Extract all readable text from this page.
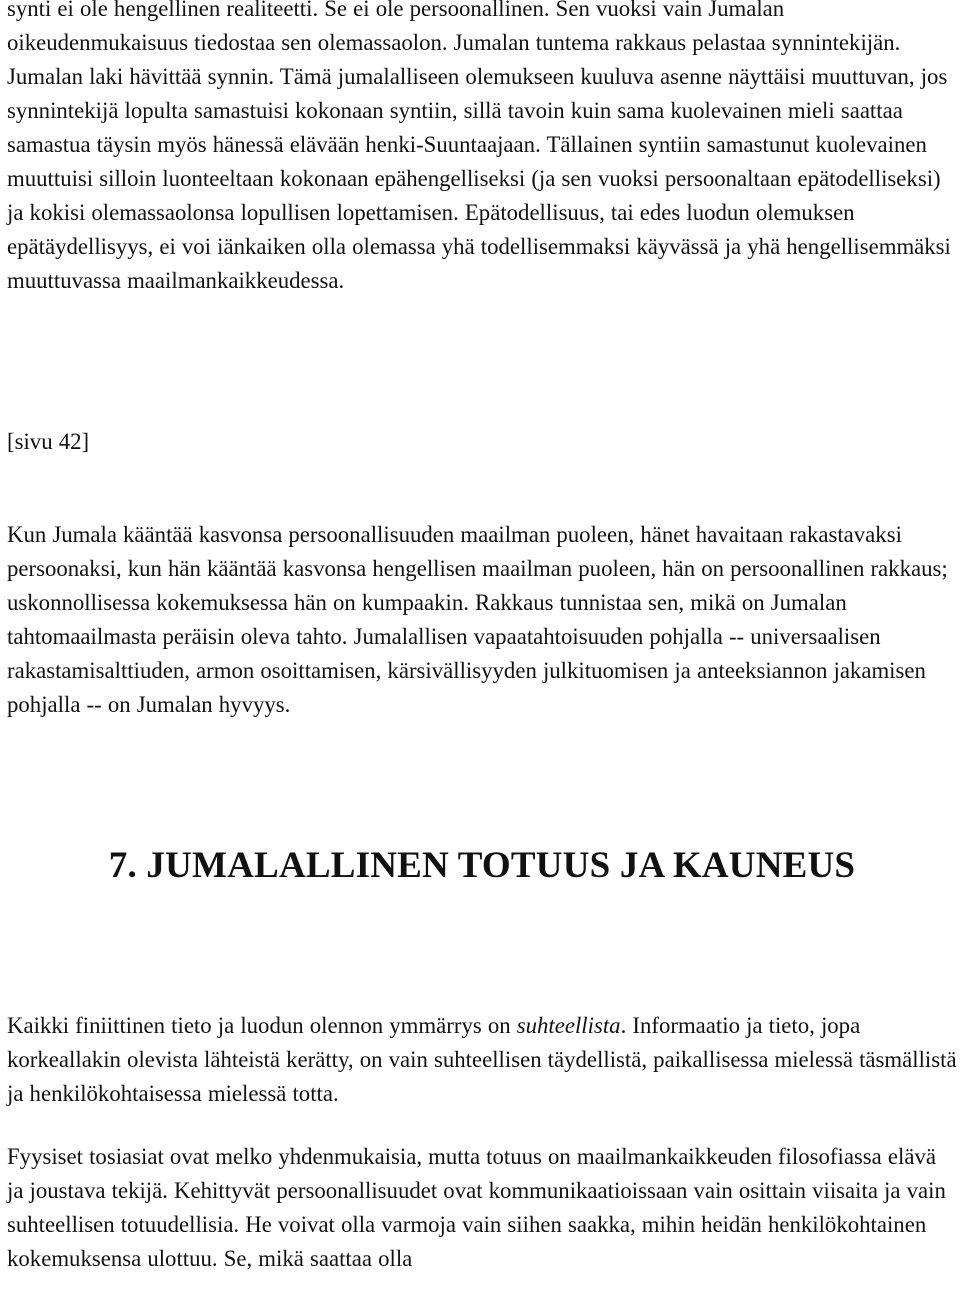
synti ei ole hengellinen realiteetti. Se ei ole persoonallinen. Sen vuoksi vain Jumalan oikeudenmukaisuus tiedostaa sen olemassaolon. Jumalan tuntema rakkaus pelastaa synnintekijän. Jumalan laki hävittää synnin. Tämä jumalalliseen olemukseen kuuluva asenne näyttäisi muuttuvan, jos synnintekijä lopulta samastuisi kokonaan syntiin, sillä tavoin kuin sama kuolevainen mieli saattaa samastua täysin myös hänessä elävään henki-Suuntaajaan. Tällainen syntiin samastunut kuolevainen muuttuisi silloin luonteeltaan kokonaan epähengelliseksi (ja sen vuoksi persoonaltaan epätodelliseksi) ja kokisi olemassaolonsa lopullisen lopettamisen. Epätodellisuus, tai edes luodun olemuksen epätäydellisyys, ei voi iänkaiken olla olemassa yhä todellisemmaksi käyvässä ja yhä hengellisemmäksi muuttuvassa maailmankaikkeudessa.

[sivu 42]

Kun Jumala kääntää kasvonsa persoonallisuuden maailman puoleen, hänet havaitaan rakastavaksi persoonaksi, kun hän kääntää kasvonsa hengellisen maailman puoleen, hän on persoonallinen rakkaus; uskonnollisessa kokemuksessa hän on kumpaakin. Rakkaus tunnistaa sen, mikä on Jumalan tahtomaailmasta peräisin oleva tahto. Jumalallisen vapaatahtoisuuden pohjalla -- universaalisen rakastamisalttiuden, armon osoittamisen, kärsivällisyyden julkituomisen ja anteeksiannon jakamisen pohjalla -- on Jumalan hyvyys.

7. JUMALALLINEN TOTUUS JA KAUNEUS

Kaikki finiittinen tieto ja luodun olennon ymmärrys on suhteellista. Informaatio ja tieto, jopa korkeallakin olevista lähteistä kerätty, on vain suhteellisen täydellistä, paikallisessa mielessä täsmällistä ja henkilökohtaisessa mielessä totta.

Fyysiset tosiasiat ovat melko yhdenmukaisia, mutta totuus on maailmankaikkeuden filosofiassa elävä ja joustava tekijä. Kehittyvät persoonallisuudet ovat kommunikaatioissaan vain osittain viisaita ja vain suhteellisen totuudellisia. He voivat olla varmoja vain siihen saakka, mihin heidän henkilökohtainen kokemuksensa ulottuu. Se, mikä saattaa olla
